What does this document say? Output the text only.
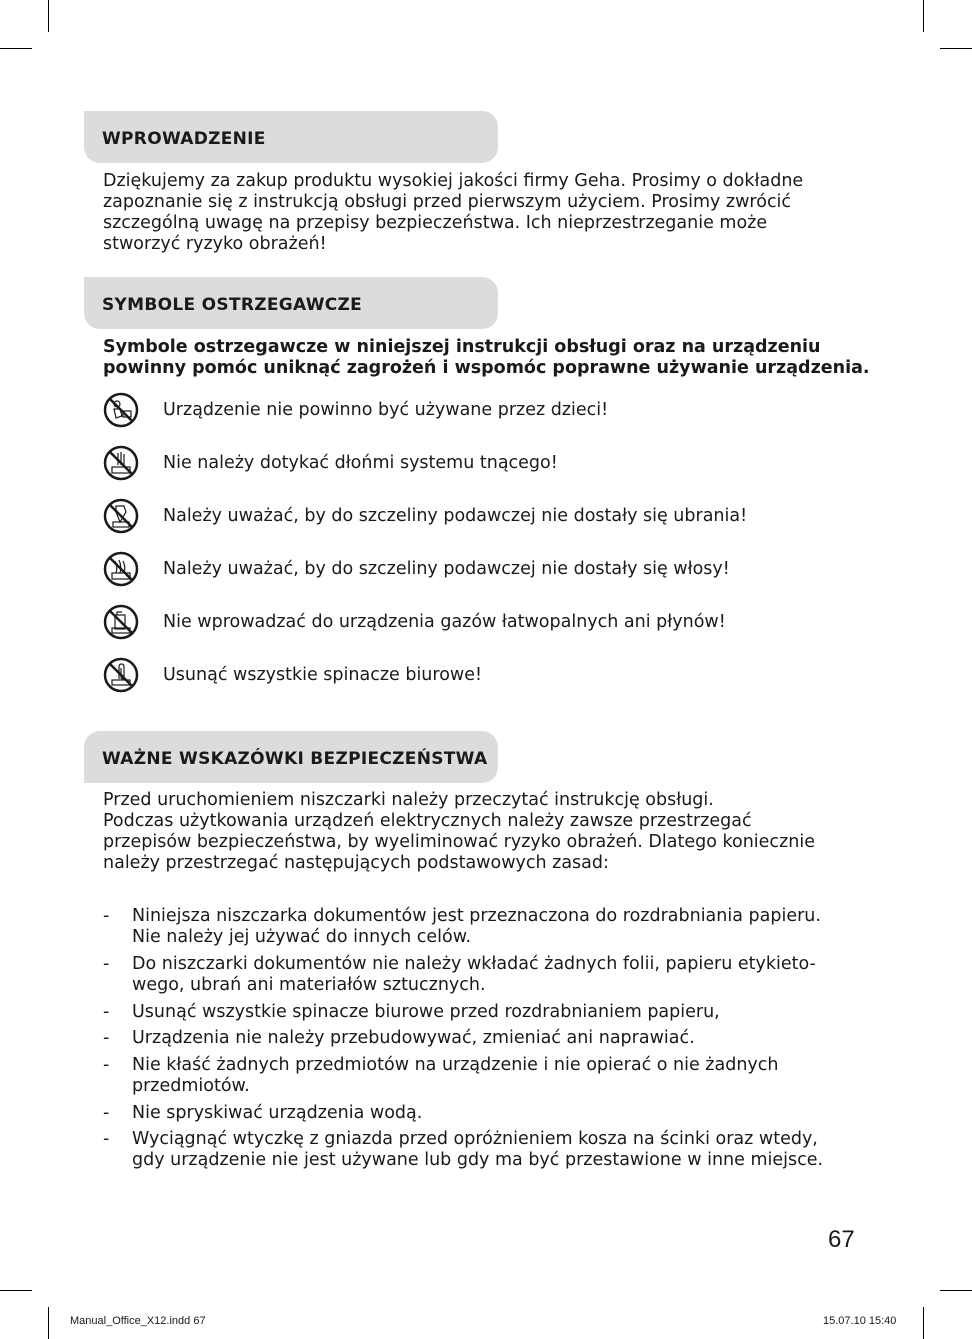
WPROWADZENIE
Dziękujemy za zakup produktu wysokiej jakości firmy Geha. Prosimy o dokładne
zapoznanie się z instrukcją obsługi przed pierwszym użyciem. Prosimy zwrócić
szczególną uwagę na przepisy bezpieczeństwa. Ich nieprzestrzeganie może
stworzyć ryzyko obrażeń!
SYMBOLE OSTRZEGAWCZE
Symbole ostrzegawcze w niniejszej instrukcji obsługi oraz na urządzeniu
powinny pomóc uniknąć zagrożeń i wspomóc poprawne używanie urządzenia.
Urządzenie nie powinno być używane przez dzieci!
Nie należy dotykać dłońmi systemu tnącego!
Należy uważać, by do szczeliny podawczej nie dostały się ubrania!
Należy uważać, by do szczeliny podawczej nie dostały się włosy!
Nie wprowadzać do urządzenia gazów łatwopalnych ani płynów!
Usunąć wszystkie spinacze biurowe!
WAŻNE WSKAZÓWKI BEZPIECZEŃSTWA
Przed uruchomieniem niszczarki należy przeczytać instrukcję obsługi.
Podczas użytkowania urządzeń elektrycznych należy zawsze przestrzegać
przepisów bezpieczeństwa, by wyeliminować ryzyko obrażeń. Dlatego koniecznie
należy przestrzegać następujących podstawowych zasad:
- Niniejsza niszczarka dokumentów jest przeznaczona do rozdrabniania papieru.
Nie należy jej używać do innych celów.
- Do niszczarki dokumentów nie należy wkładać żadnych folii, papieru etykieto-
wego, ubrań ani materiałów sztucznych.
- Usunąć wszystkie spinacze biurowe przed rozdrabnianiem papieru,
- Urządzenia nie należy przebudowywać, zmieniać ani naprawiać.
- Nie kłaść żadnych przedmiotów na urządzenie i nie opierać o nie żadnych
przedmiotów.
- Nie spryskiwać urządzenia wodą.
- Wyciągnąć wtyczkę z gniazda przed opróżnieniem kosza na ścinki oraz wtedy,
gdy urządzenie nie jest używane lub gdy ma być przestawione w inne miejsce.
67
Manual_Office_X12.indd 67	15.07.10 15:40
